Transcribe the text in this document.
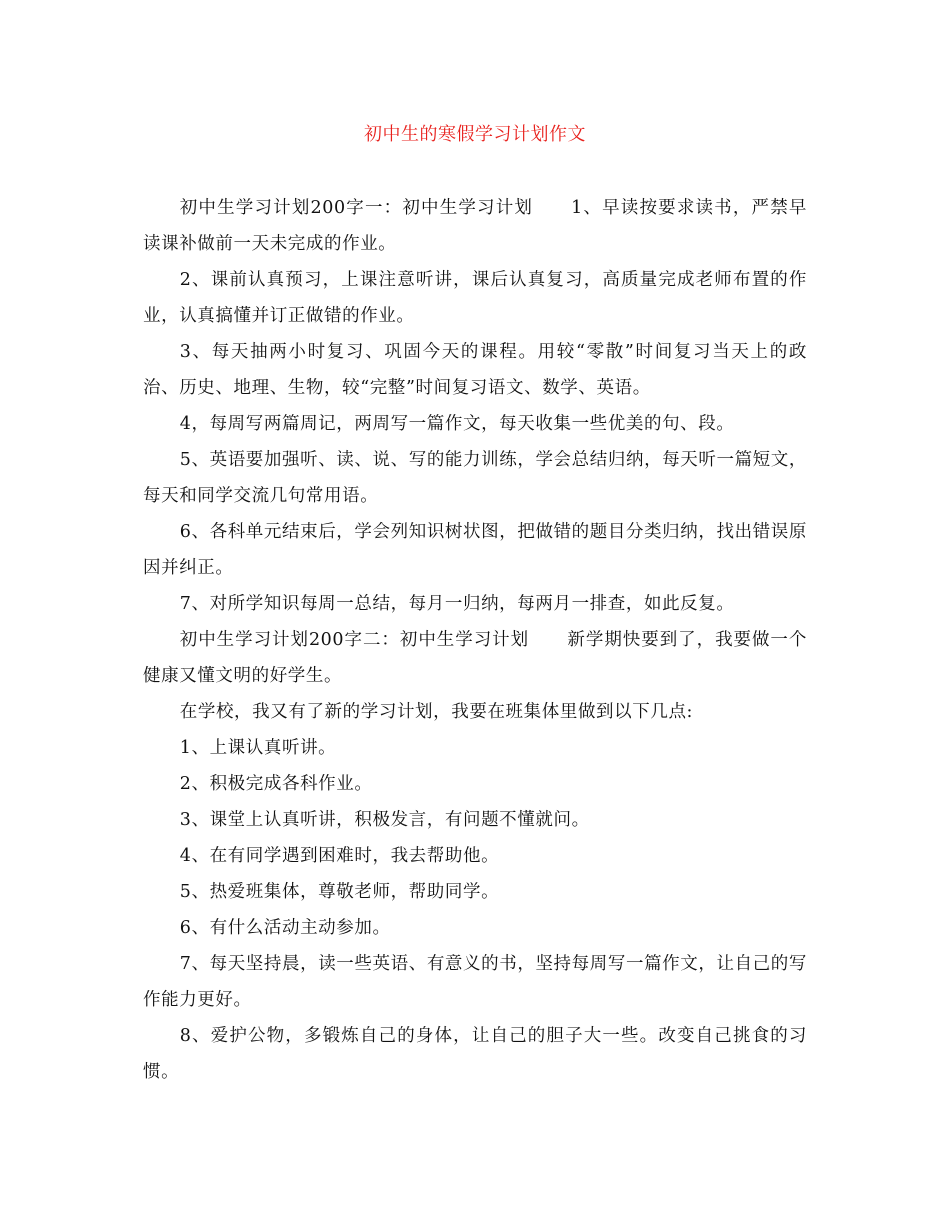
初中生的寒假学习计划作文

初中生学习计划200字一：初中生学习计划 1、早读按要求读书，严禁早读课补做前一天未完成的作业。

2、课前认真预习，上课注意听讲，课后认真复习，高质量完成老师布置的作业，认真搞懂并订正做错的作业。

3、每天抽两小时复习、巩固今天的课程。用较“零散”时间复习当天上的政治、历史、地理、生物，较“完整”时间复习语文、数学、英语。

4，每周写两篇周记，两周写一篇作文，每天收集一些优美的句、段。

5、英语要加强听、读、说、写的能力训练，学会总结归纳，每天听一篇短文，每天和同学交流几句常用语。

6、各科单元结束后，学会列知识树状图，把做错的题目分类归纳，找出错误原因并纠正。

7、对所学知识每周一总结，每月一归纳，每两月一排查，如此反复。

初中生学习计划200字二：初中生学习计划 新学期快要到了，我要做一个健康又懂文明的好学生。

在学校，我又有了新的学习计划，我要在班集体里做到以下几点:

1、上课认真听讲。

2、积极完成各科作业。

3、课堂上认真听讲，积极发言，有问题不懂就问。

4、在有同学遇到困难时，我去帮助他。

5、热爱班集体，尊敬老师，帮助同学。

6、有什么活动主动参加。

7、每天坚持晨，读一些英语、有意义的书，坚持每周写一篇作文，让自己的写作能力更好。

8、爱护公物，多锻炼自己的身体，让自己的胆子大一些。改变自己挑食的习惯。
